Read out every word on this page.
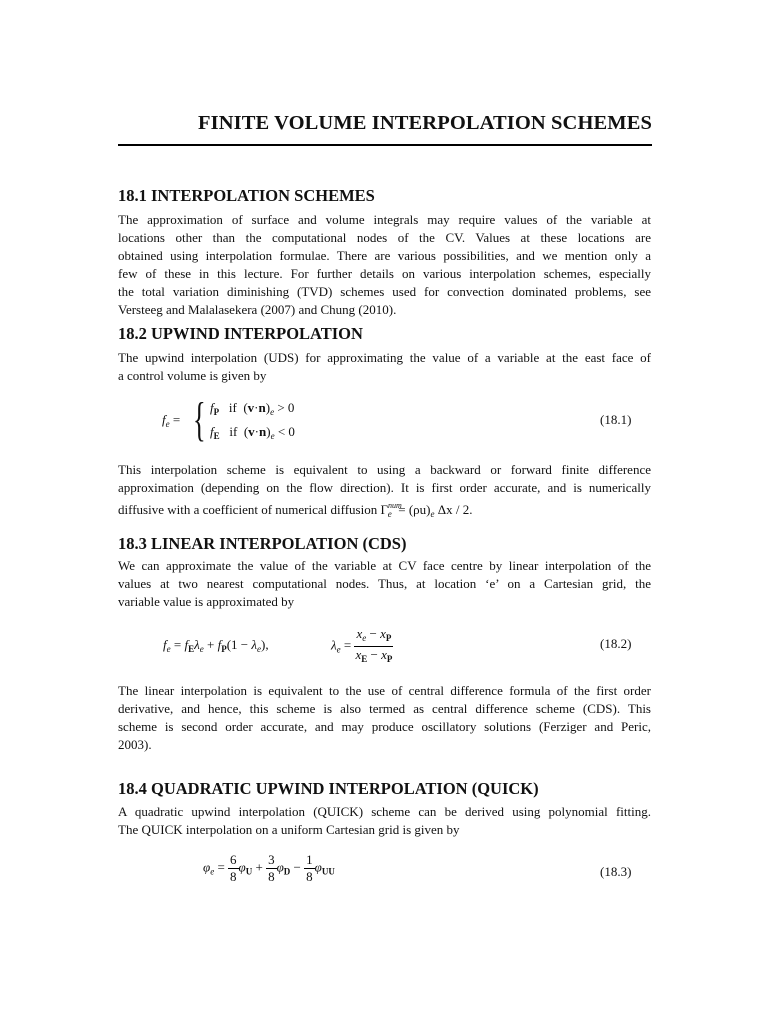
FINITE VOLUME INTERPOLATION SCHEMES
18.1 INTERPOLATION SCHEMES
The approximation of surface and volume integrals may require values of the variable at
locations other than the computational nodes of the CV. Values at these locations are
obtained using interpolation formulae. There are various possibilities, and we mention only a
few of these in this lecture. For further details on various interpolation schemes, especially
the total variation diminishing (TVD) schemes used for convection dominated problems, see
Versteeg and Malalasekera (2007) and Chung (2010).
18.2 UPWIND INTERPOLATION
The upwind interpolation (UDS) for approximating the value of a variable at the east face of
a control volume is given by
$f_e$ = { $f_P$   if  $(v\cdot n)_e > 0$
$f_E$   if  $(v\cdot n)_e < 0$
(18.1)
This interpolation scheme is equivalent to using a backward or forward finite difference
approximation (depending on the flow direction). It is first order accurate, and is numerically
diffusive with a coefficient of numerical diffusion $\Gamma^{num}_e = (\rho u)_e$ Δx / 2.
18.3 LINEAR INTERPOLATION (CDS)
We can approximate the value of the variable at CV face centre by linear interpolation of the
values at two nearest computational nodes. Thus, at location ‘e’ on a Cartesian grid, the
variable value is approximated by
$f_e = f_E\lambda_e + f_P(1 - \lambda_e)$,	$\lambda_e = \frac{x_e - x_P}{x_E - x_P}$	(18.2)
The linear interpolation is equivalent to the use of central difference formula of the first order
derivative, and hence, this scheme is also termed as central difference scheme (CDS). This
scheme is second order accurate, and may produce oscillatory solutions (Ferziger and Peric,
2003).
18.4 QUADRATIC UPWIND INTERPOLATION (QUICK)
A quadratic upwind interpolation (QUICK) scheme can be derived using polynomial fitting.
The QUICK interpolation on a uniform Cartesian grid is given by
$\varphi_e = \frac{6}{8} \varphi_U + \frac{3}{8} \varphi_D - \frac{1}{8} \varphi_{UU}$	(18.3)
